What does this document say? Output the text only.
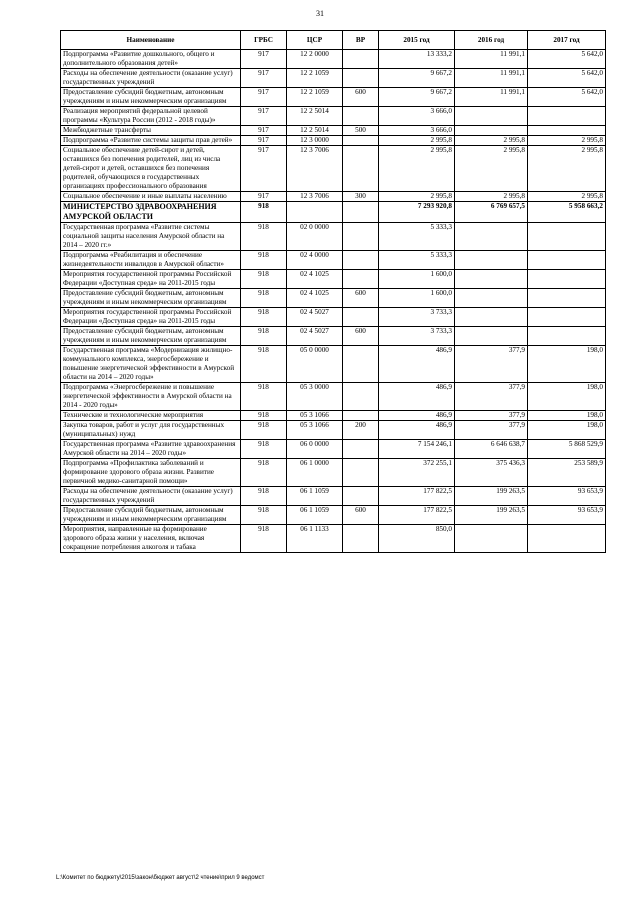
31
Наименование	ГРБС	ЦСР	ВР	2015 год	2016 год	2017 год
Подпрограмма «Развитие дошкольного, общего и дополнительного образования детей»	917	12 2 0000		13 333,2	11 991,1	5 642,0
Расходы на обеспечение деятельности (оказание услуг) государственных учреждений	917	12 2 1059		9 667,2	11 991,1	5 642,0
Предоставление субсидий бюджетным, автономным учреждениям и иным некоммерческим организациям	917	12 2 1059	600	9 667,2	11 991,1	5 642,0
Реализация мероприятий федеральной целевой программы «Культура России (2012 - 2018 годы)»	917	12 2 5014		3 666,0		
Межбюджетные трансферты	917	12 2 5014	500	3 666,0		
Подпрограмма «Развитие системы защиты прав детей»	917	12 3 0000		2 995,8	2 995,8	2 995,8
Социальное обеспечение детей-сирот и детей, оставшихся без попечения родителей, лиц из числа детей-сирот и детей, оставшихся без попечения родителей, обучающихся в государственных организациях профессионального образования	917	12 3 7006		2 995,8	2 995,8	2 995,8
Социальное обеспечение и иные выплаты населению	917	12 3 7006	300	2 995,8	2 995,8	2 995,8
МИНИСТЕРСТВО ЗДРАВООХРАНЕНИЯ АМУРСКОЙ ОБЛАСТИ	918			7 293 920,8	6 769 657,5	5 958 663,2
Государственная программа «Развитие системы социальной защиты населения Амурской области на 2014 – 2020 гг.»	918	02 0 0000		5 333,3		
Подпрограмма «Реабилитация и обеспечение жизнедеятельности инвалидов в Амурской области»	918	02 4 0000		5 333,3		
Мероприятия государственной программы Российской Федерации «Доступная среда» на 2011-2015 годы	918	02 4 1025		1 600,0		
Предоставление субсидий бюджетным, автономным учреждениям и иным некоммерческим организациям	918	02 4 1025	600	1 600,0		
Мероприятия государственной программы Российской Федерации «Доступная среда» на 2011-2015 годы	918	02 4 5027		3 733,3		
Предоставление субсидий бюджетным, автономным учреждениям и иным некоммерческим организациям	918	02 4 5027	600	3 733,3		
Государственная программа «Модернизация жилищно-коммунального комплекса, энергосбережение и повышение энергетической эффективности в Амурской области на 2014 – 2020 годы»	918	05 0 0000		486,9	377,9	198,0
Подпрограмма «Энергосбережение и повышение энергетической эффективности в Амурской области на 2014 - 2020 годы»	918	05 3 0000		486,9	377,9	198,0
Технические и технологические мероприятия	918	05 3 1066		486,9	377,9	198,0
Закупка товаров, работ и услуг для государственных (муниципальных) нужд	918	05 3 1066	200	486,9	377,9	198,0
Государственная программа «Развитие здравоохранения Амурской области на 2014 – 2020 годы»	918	06 0 0000		7 154 246,1	6 646 638,7	5 868 529,9
Подпрограмма «Профилактика заболеваний и формирование здорового образа жизни. Развитие первичной медико-санитарной помощи»	918	06 1 0000		372 255,1	375 436,3	253 589,9
Расходы на обеспечение деятельности (оказание услуг) государственных учреждений	918	06 1 1059		177 822,5	199 263,5	93 653,9
Предоставление субсидий бюджетным, автономным учреждениям и иным некоммерческим организациям	918	06 1 1059	600	177 822,5	199 263,5	93 653,9
Мероприятия, направленные на формирование здорового образа жизни у населения, включая сокращение потребления алкоголя и табака	918	06 1 1133		850,0		
L:\Комитет по бюджету\2015\закон\бюджет август\2 чтение\прил 9 ведомст
